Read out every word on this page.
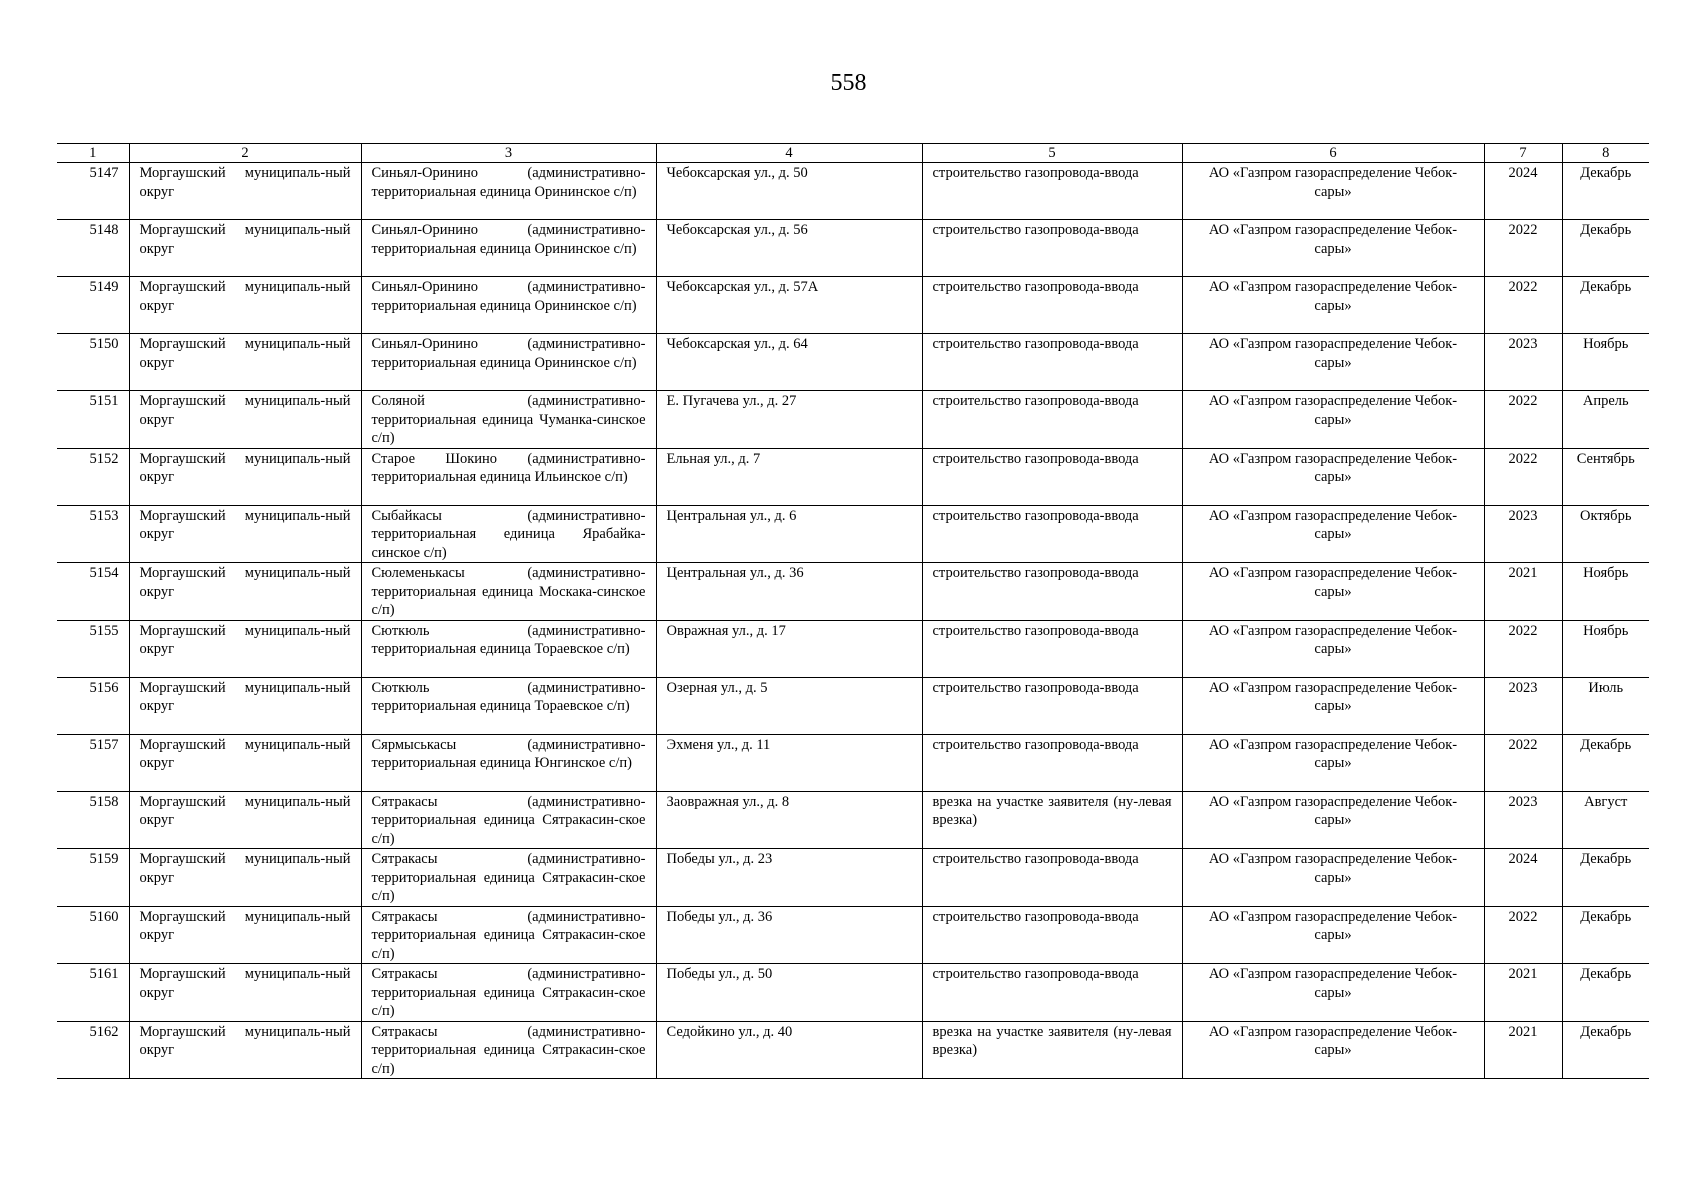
558
1	2	3	4	5	6	7	8
5147	Моргаушский муниципаль-ный округ	Синьял-Оринино (административно-территориальная единица Орининское с/п)	Чебоксарская ул., д. 50	строительство газопровода-ввода	АО «Газпром газораспределение Чебок-сары»	2024	Декабрь
5148	Моргаушский муниципаль-ный округ	Синьял-Оринино (административно-территориальная единица Орининское с/п)	Чебоксарская ул., д. 56	строительство газопровода-ввода	АО «Газпром газораспределение Чебок-сары»	2022	Декабрь
5149	Моргаушский муниципаль-ный округ	Синьял-Оринино (административно-территориальная единица Орининское с/п)	Чебоксарская ул., д. 57А	строительство газопровода-ввода	АО «Газпром газораспределение Чебок-сары»	2022	Декабрь
5150	Моргаушский муниципаль-ный округ	Синьял-Оринино (административно-территориальная единица Орининское с/п)	Чебоксарская ул., д. 64	строительство газопровода-ввода	АО «Газпром газораспределение Чебок-сары»	2023	Ноябрь
5151	Моргаушский муниципаль-ный округ	Соляной (административно-территориальная единица Чуманка-синское с/п)	Е. Пугачева ул., д. 27	строительство газопровода-ввода	АО «Газпром газораспределение Чебок-сары»	2022	Апрель
5152	Моргаушский муниципаль-ный округ	Старое Шокино (административно-территориальная единица Ильинское с/п)	Ельная ул., д. 7	строительство газопровода-ввода	АО «Газпром газораспределение Чебок-сары»	2022	Сентябрь
5153	Моргаушский муниципаль-ный округ	Сыбайкасы (административно-территориальная единица Ярабайка-синское с/п)	Центральная ул., д. 6	строительство газопровода-ввода	АО «Газпром газораспределение Чебок-сары»	2023	Октябрь
5154	Моргаушский муниципаль-ный округ	Сюлеменькасы (административно-территориальная единица Москака-синское с/п)	Центральная ул., д. 36	строительство газопровода-ввода	АО «Газпром газораспределение Чебок-сары»	2021	Ноябрь
5155	Моргаушский муниципаль-ный округ	Сюткюль (административно-территориальная единица Тораевское с/п)	Овражная ул., д. 17	строительство газопровода-ввода	АО «Газпром газораспределение Чебок-сары»	2022	Ноябрь
5156	Моргаушский муниципаль-ный округ	Сюткюль (административно-территориальная единица Тораевское с/п)	Озерная ул., д. 5	строительство газопровода-ввода	АО «Газпром газораспределение Чебок-сары»	2023	Июль
5157	Моргаушский муниципаль-ный округ	Сярмыськасы (административно-территориальная единица Юнгинское с/п)	Эхменя ул., д. 11	строительство газопровода-ввода	АО «Газпром газораспределение Чебок-сары»	2022	Декабрь
5158	Моргаушский муниципаль-ный округ	Сятракасы (административно-территориальная единица Сятракасин-ское с/п)	Заовражная ул., д. 8	врезка на участке заявителя (ну-левая врезка)	АО «Газпром газораспределение Чебок-сары»	2023	Август
5159	Моргаушский муниципаль-ный округ	Сятракасы (административно-территориальная единица Сятракасин-ское с/п)	Победы ул., д. 23	строительство газопровода-ввода	АО «Газпром газораспределение Чебок-сары»	2024	Декабрь
5160	Моргаушский муниципаль-ный округ	Сятракасы (административно-территориальная единица Сятракасин-ское с/п)	Победы ул., д. 36	строительство газопровода-ввода	АО «Газпром газораспределение Чебок-сары»	2022	Декабрь
5161	Моргаушский муниципаль-ный округ	Сятракасы (административно-территориальная единица Сятракасин-ское с/п)	Победы ул., д. 50	строительство газопровода-ввода	АО «Газпром газораспределение Чебок-сары»	2021	Декабрь
5162	Моргаушский муниципаль-ный округ	Сятракасы (административно-территориальная единица Сятракасин-ское с/п)	Седойкино ул., д. 40	врезка на участке заявителя (ну-левая врезка)	АО «Газпром газораспределение Чебок-сары»	2021	Декабрь
